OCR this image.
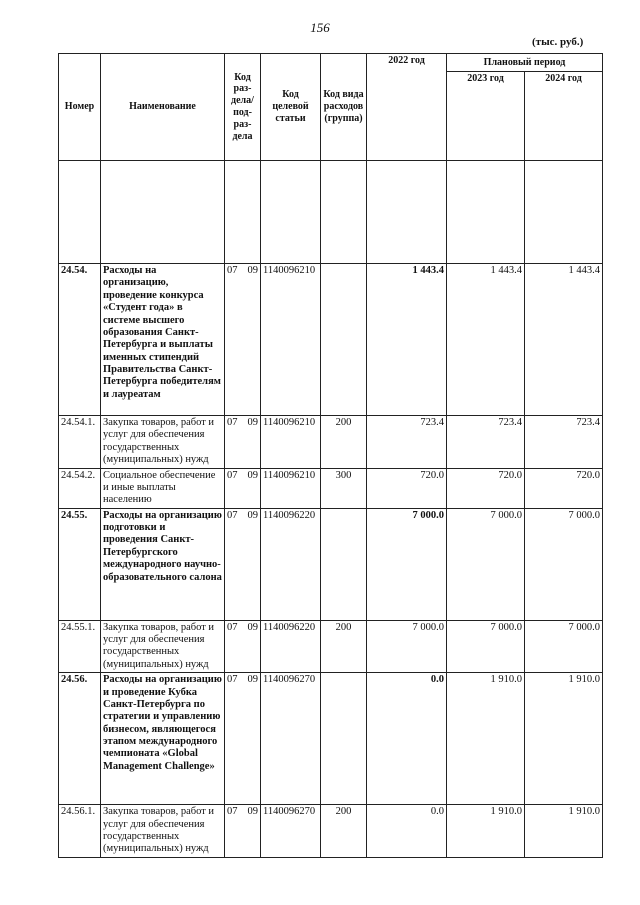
156
(тыс. руб.)
Номер	Наименование	Код раз-дела/ под-раз-дела	Код целевой статьи	Код вида расходов (группа)	2022 год	Плановый период	
						2023 год	2024 год

24.54.	Расходы на организацию, проведение конкурса «Студент года» в системе высшего образования Санкт-Петербурга и выплаты именных стипендий Правительства Санкт-Петербурга победителям и лауреатам	07 09	1140096210		1 443.4	1 443.4	1 443.4
24.54.1.	Закупка товаров, работ и услуг для обеспечения государственных (муниципальных) нужд	07 09	1140096210	200	723.4	723.4	723.4
24.54.2.	Социальное обеспечение и иные выплаты населению	07 09	1140096210	300	720.0	720.0	720.0
24.55.	Расходы на организацию подготовки и проведения Санкт-Петербургского международного научно-образовательного салона	07 09	1140096220		7 000.0	7 000.0	7 000.0
24.55.1.	Закупка товаров, работ и услуг для обеспечения государственных (муниципальных) нужд	07 09	1140096220	200	7 000.0	7 000.0	7 000.0
24.56.	Расходы на организацию и проведение Кубка Санкт-Петербурга по стратегии и управлению бизнесом, являющегося этапом международного чемпионата «Global Management Challenge»	07 09	1140096270		0.0	1 910.0	1 910.0
24.56.1.	Закупка товаров, работ и услуг для обеспечения государственных (муниципальных) нужд	07 09	1140096270	200	0.0	1 910.0	1 910.0
